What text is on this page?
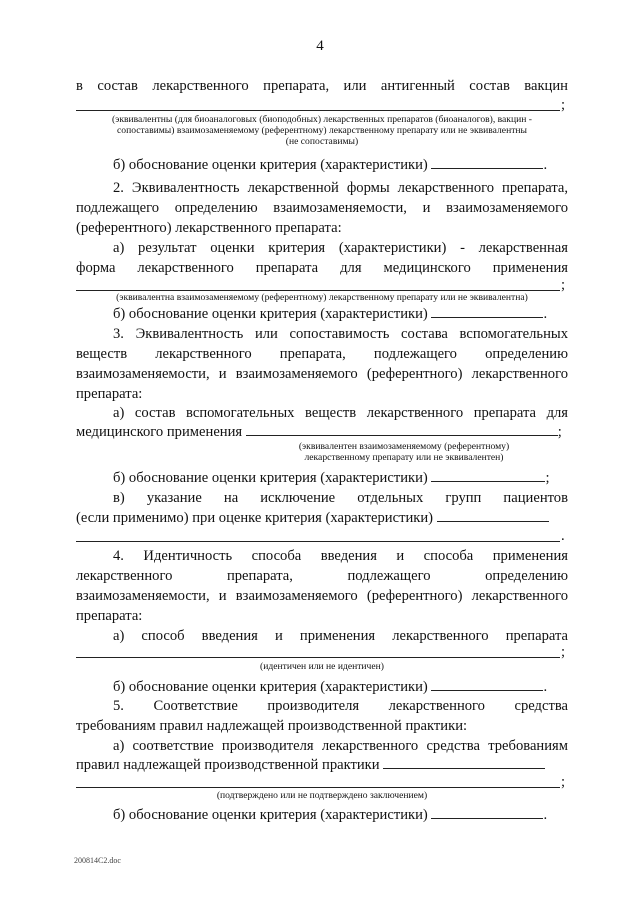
4
в состав лекарственного препарата, или антигенный состав вакцин
;
(эквивалентны (для биоаналоговых (биоподобных) лекарственных препаратов (биоаналогов), вакцин -
сопоставимы) взаимозаменяемому (референтному) лекарственному препарату или не эквивалентны
(не сопоставимы)
б) обоснование оценки критерия (характеристики)	.
2. Эквивалентность лекарственной формы лекарственного препарата,
подлежащего определению взаимозаменяемости, и взаимозаменяемого
(референтного) лекарственного препарата:
а) результат оценки критерия (характеристики) - лекарственная
форма лекарственного препарата для медицинского применения
;
(эквивалентна взаимозаменяемому (референтному) лекарственному препарату или не эквивалентна)
б) обоснование оценки критерия (характеристики)	.
3. Эквивалентность или сопоставимость состава вспомогательных
веществ лекарственного препарата, подлежащего определению
взаимозаменяемости, и взаимозаменяемого (референтного) лекарственного
препарата:
а) состав вспомогательных веществ лекарственного препарата для
медицинского применения	;
(эквивалентен взаимозаменяемому (референтному)
лекарственному препарату или не эквивалентен)
б) обоснование оценки критерия (характеристики)	;
в) указание на исключение отдельных групп пациентов
(если применимо) при оценке критерия (характеристики)
.
4. Идентичность способа введения и способа применения
лекарственного препарата, подлежащего определению
взаимозаменяемости, и взаимозаменяемого (референтного) лекарственного
препарата:
а) способ введения и применения лекарственного препарата
;
(идентичен или не идентичен)
б) обоснование оценки критерия (характеристики)	.
5. Соответствие производителя лекарственного средства
требованиям правил надлежащей производственной практики:
а) соответствие производителя лекарственного средства требованиям
правил надлежащей производственной практики
;
(подтверждено или не подтверждено заключением)
б) обоснование оценки критерия (характеристики)	.
200814C2.doc
